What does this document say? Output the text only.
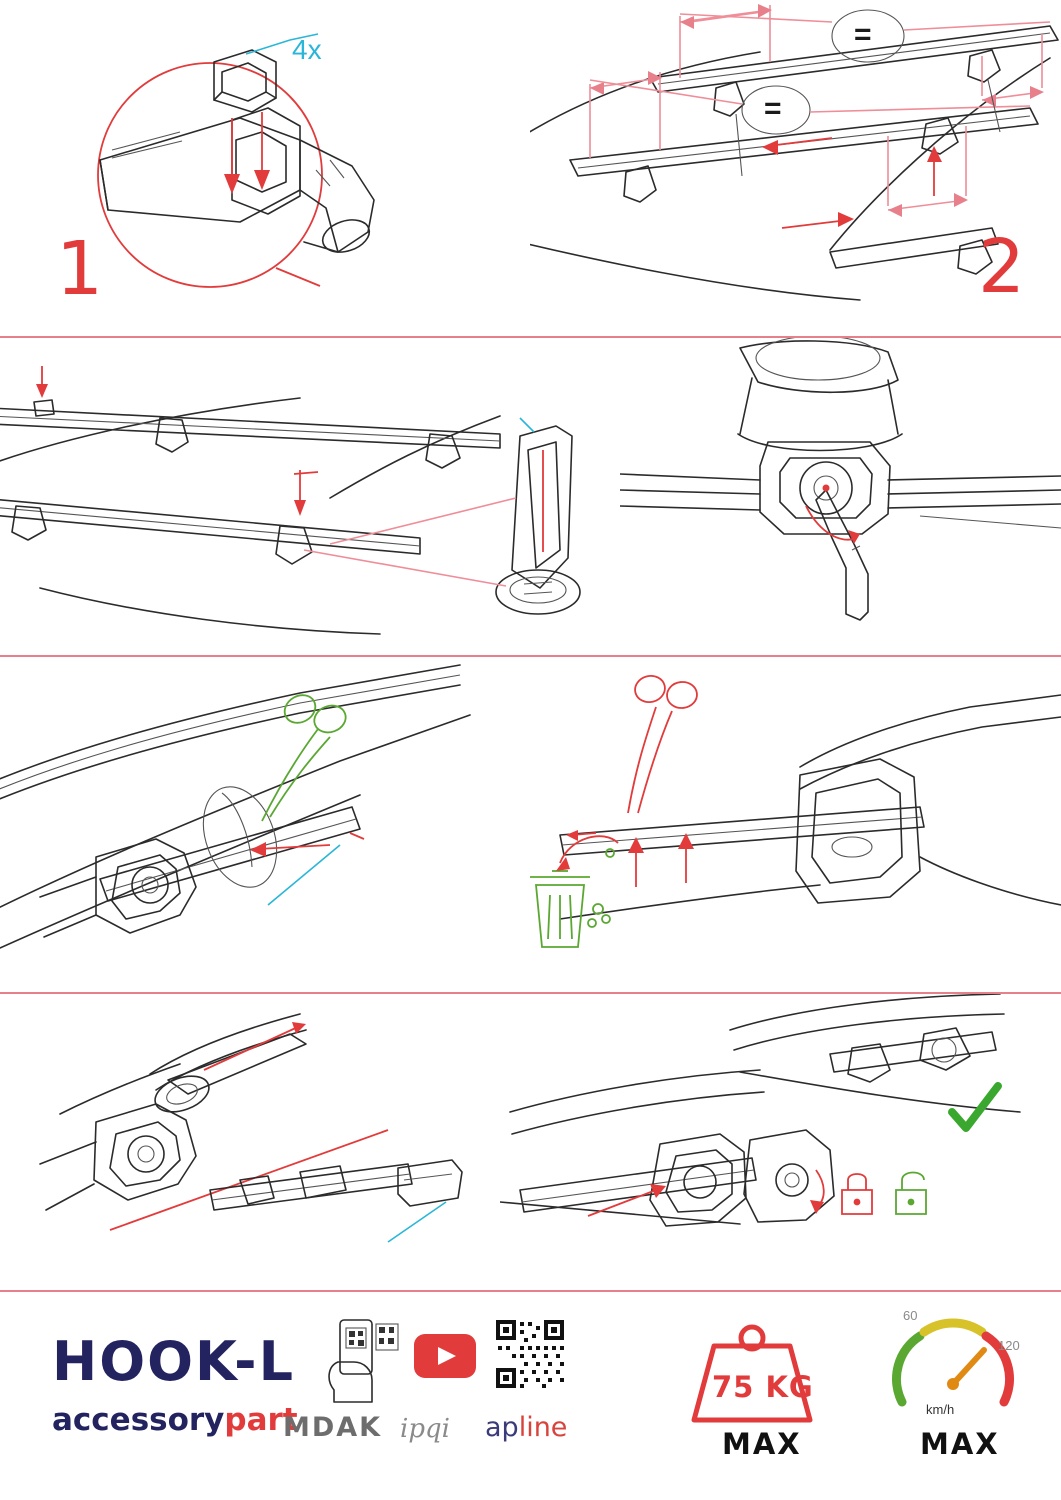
4x
1
=
=
2
60
120
km/h
HOOK-L
accessorypart
MDAK ipqi apline
75 KG
MAX	MAX
